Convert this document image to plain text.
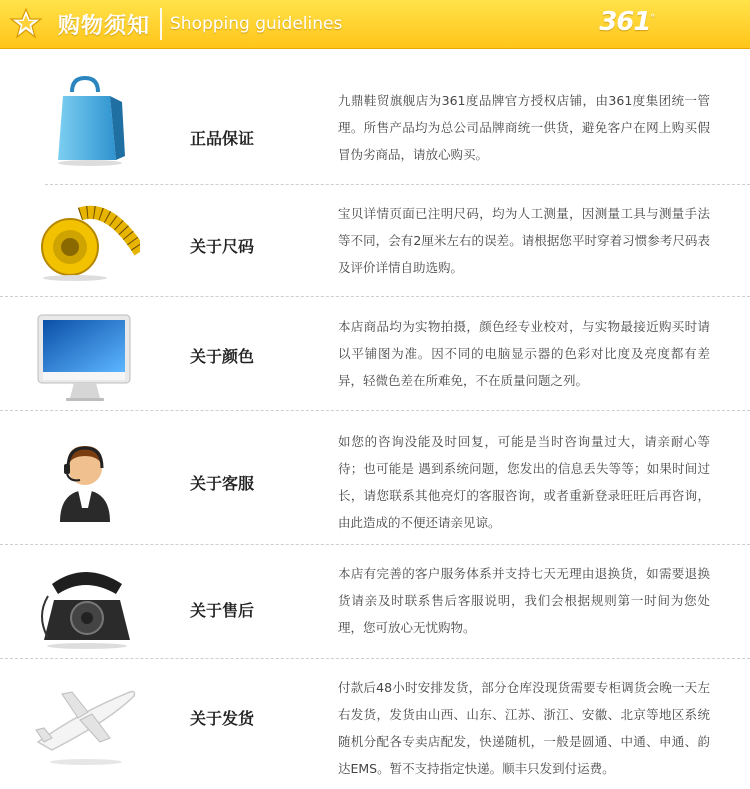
购物须知 Shopping guidelines	361°
正品保证
九鼎鞋贸旗舰店为361度品牌官方授权店铺，由361度集团统一管理。所售产品均为总公司品牌商统一供货，避免客户在网上购买假冒伪劣商品，请放心购买。
关于尺码
宝贝详情页面已注明尺码，均为人工测量，因测量工具与测量手法等不同，会有2厘米左右的误差。请根据您平时穿着习惯参考尺码表及评价详情自助选购。
关于颜色
本店商品均为实物拍摄，颜色经专业校对，与实物最接近购买时请以平铺图为准。因不同的电脑显示器的色彩对比度及亮度都有差异，轻微色差在所难免，不在质量问题之列。
关于客服
如您的咨询没能及时回复，可能是当时咨询量过大，请亲耐心等待；也可能是 遇到系统问题，您发出的信息丢失等等；如果时间过长，请您联系其他亮灯的客服咨询，或者重新登录旺旺后再咨询，由此造成的不便还请亲见谅。
关于售后
本店有完善的客户服务体系并支持七天无理由退换货，如需要退换货请亲及时联系售后客服说明，我们会根据规则第一时间为您处理，您可放心无忧购物。
关于发货
付款后48小时安排发货，部分仓库没现货需要专柜调货会晚一天左右发货，发货由山西、山东、江苏、浙江、安徽、北京等地区系统随机分配各专卖店配发，快递随机，一般是圆通、中通、申通、韵达EMS。暂不支持指定快递。顺丰只发到付运费。
